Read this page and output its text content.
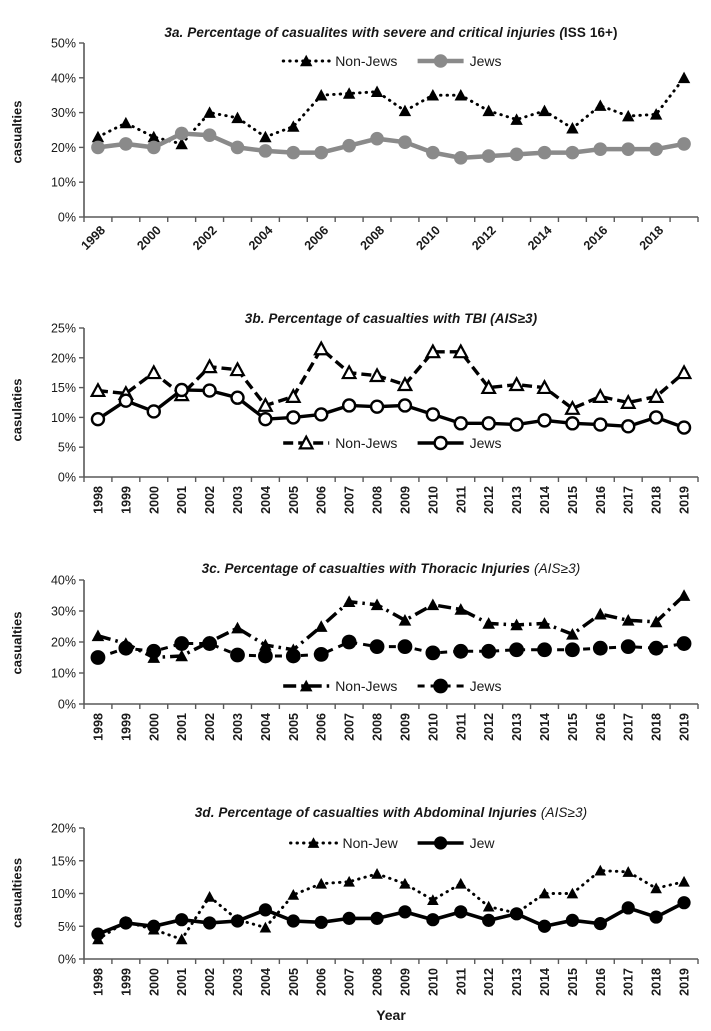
0%
10%
20%
30%
40%
50%
1998 2000 2002 2004 2006 2008 2010 2012 2014 2016 2018
Non-Jews	Jews
0%
5%
10%
15%
20%
25%
1998 1999 2000 2001 2002 2003 2004 2005 2006 2007 2008 2009 2010 2011 2012 2013 2014 2015 2016 2017 2018 2019
Non-Jews	Jews
0%
10%
20%
30%
40%
1998 1999 2000 2001 2002 2003 2004 2005 2006 2007 2008 2009 2010 2011 2012 2013 2014 2015 2016 2017 2018 2019
Non-Jews	Jews
0%
5%
10%
15%
20%
1998 1999 2000 2001 2002 2003 2004 2005 2006 2007 2008 2009 2010 2011 2012 2013 2014 2015 2016 2017 2018 2019
Non-Jew	Jew
3a. Percentage of casualites with severe and critical injuries (ISS 16+)
3b. Percentage of casualties with TBI (AIS≥3)
3c. Percentage of casualties with Thoracic Injuries (AIS≥3)
3d. Percentage of casualties with Abdominal Injuries (AIS≥3)
casualties
casulaties
casualties
casualtiess
Year
